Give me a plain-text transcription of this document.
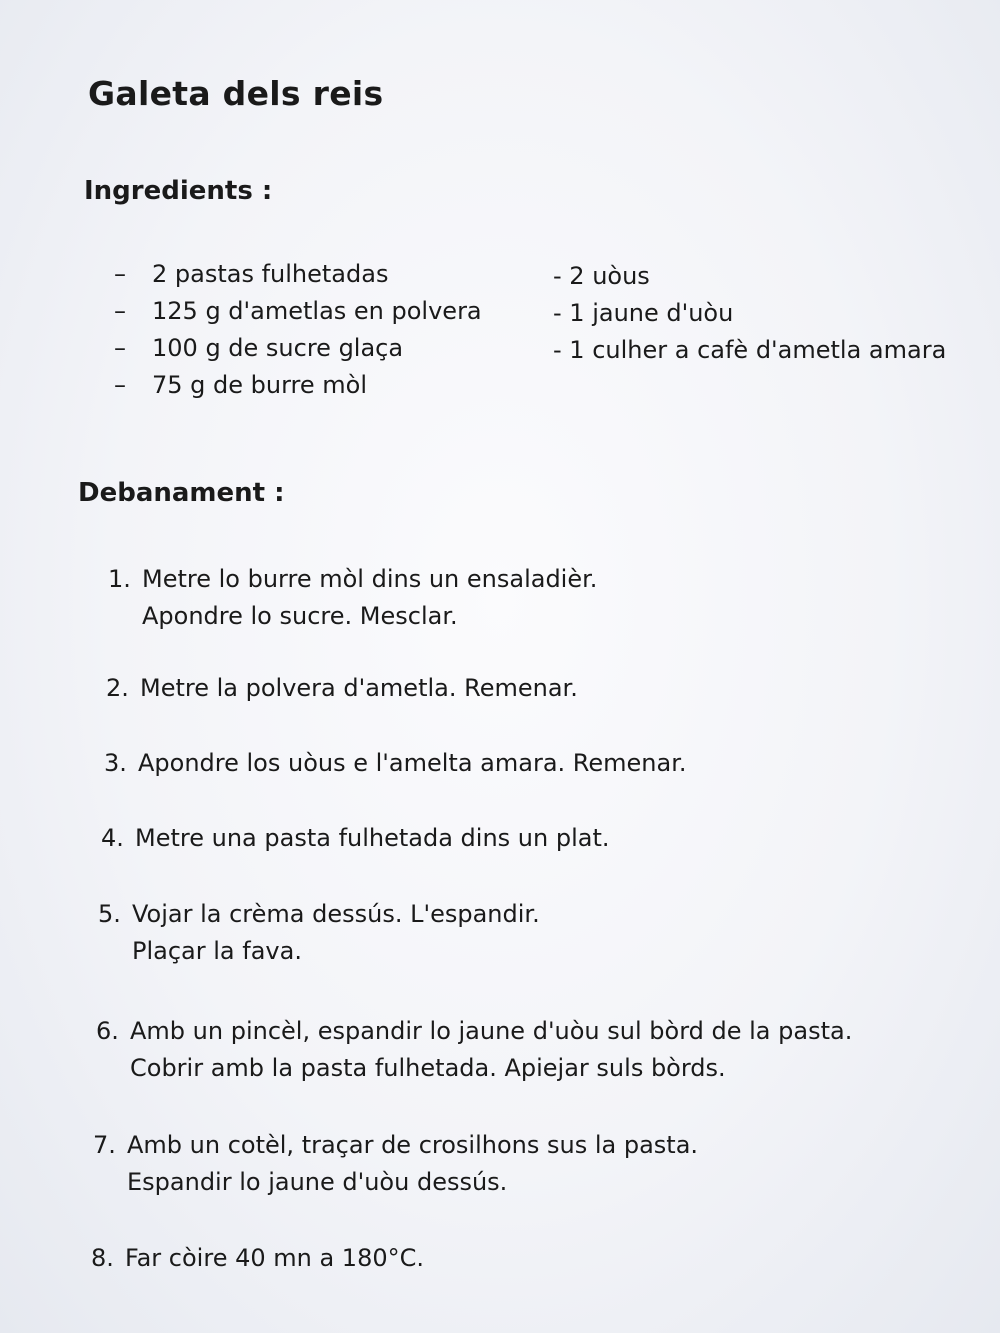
Galeta dels reis
Ingredients :
– 2 pastas fulhetadas
– 125 g d'ametlas en polvera
– 100 g de sucre glaça
– 75 g de burre mòl
- 2 uòus
- 1 jaune d'uòu
- 1 culher a cafè d'ametla amara
Debanament :
1. Metre lo burre mòl dins un ensaladièr.
Apondre lo sucre. Mesclar.
2. Metre la polvera d'ametla. Remenar.
3. Apondre los uòus e l'amelta amara. Remenar.
4. Metre una pasta fulhetada dins un plat.
5. Vojar la crèma dessús. L'espandir.
Plaçar la fava.
6. Amb un pincèl, espandir lo jaune d'uòu sul bòrd de la pasta.
Cobrir amb la pasta fulhetada. Apiejar suls bòrds.
7. Amb un cotèl, traçar de crosilhons sus la pasta.
Espandir lo jaune d'uòu dessús.
8. Far còire 40 mn a 180°C.
